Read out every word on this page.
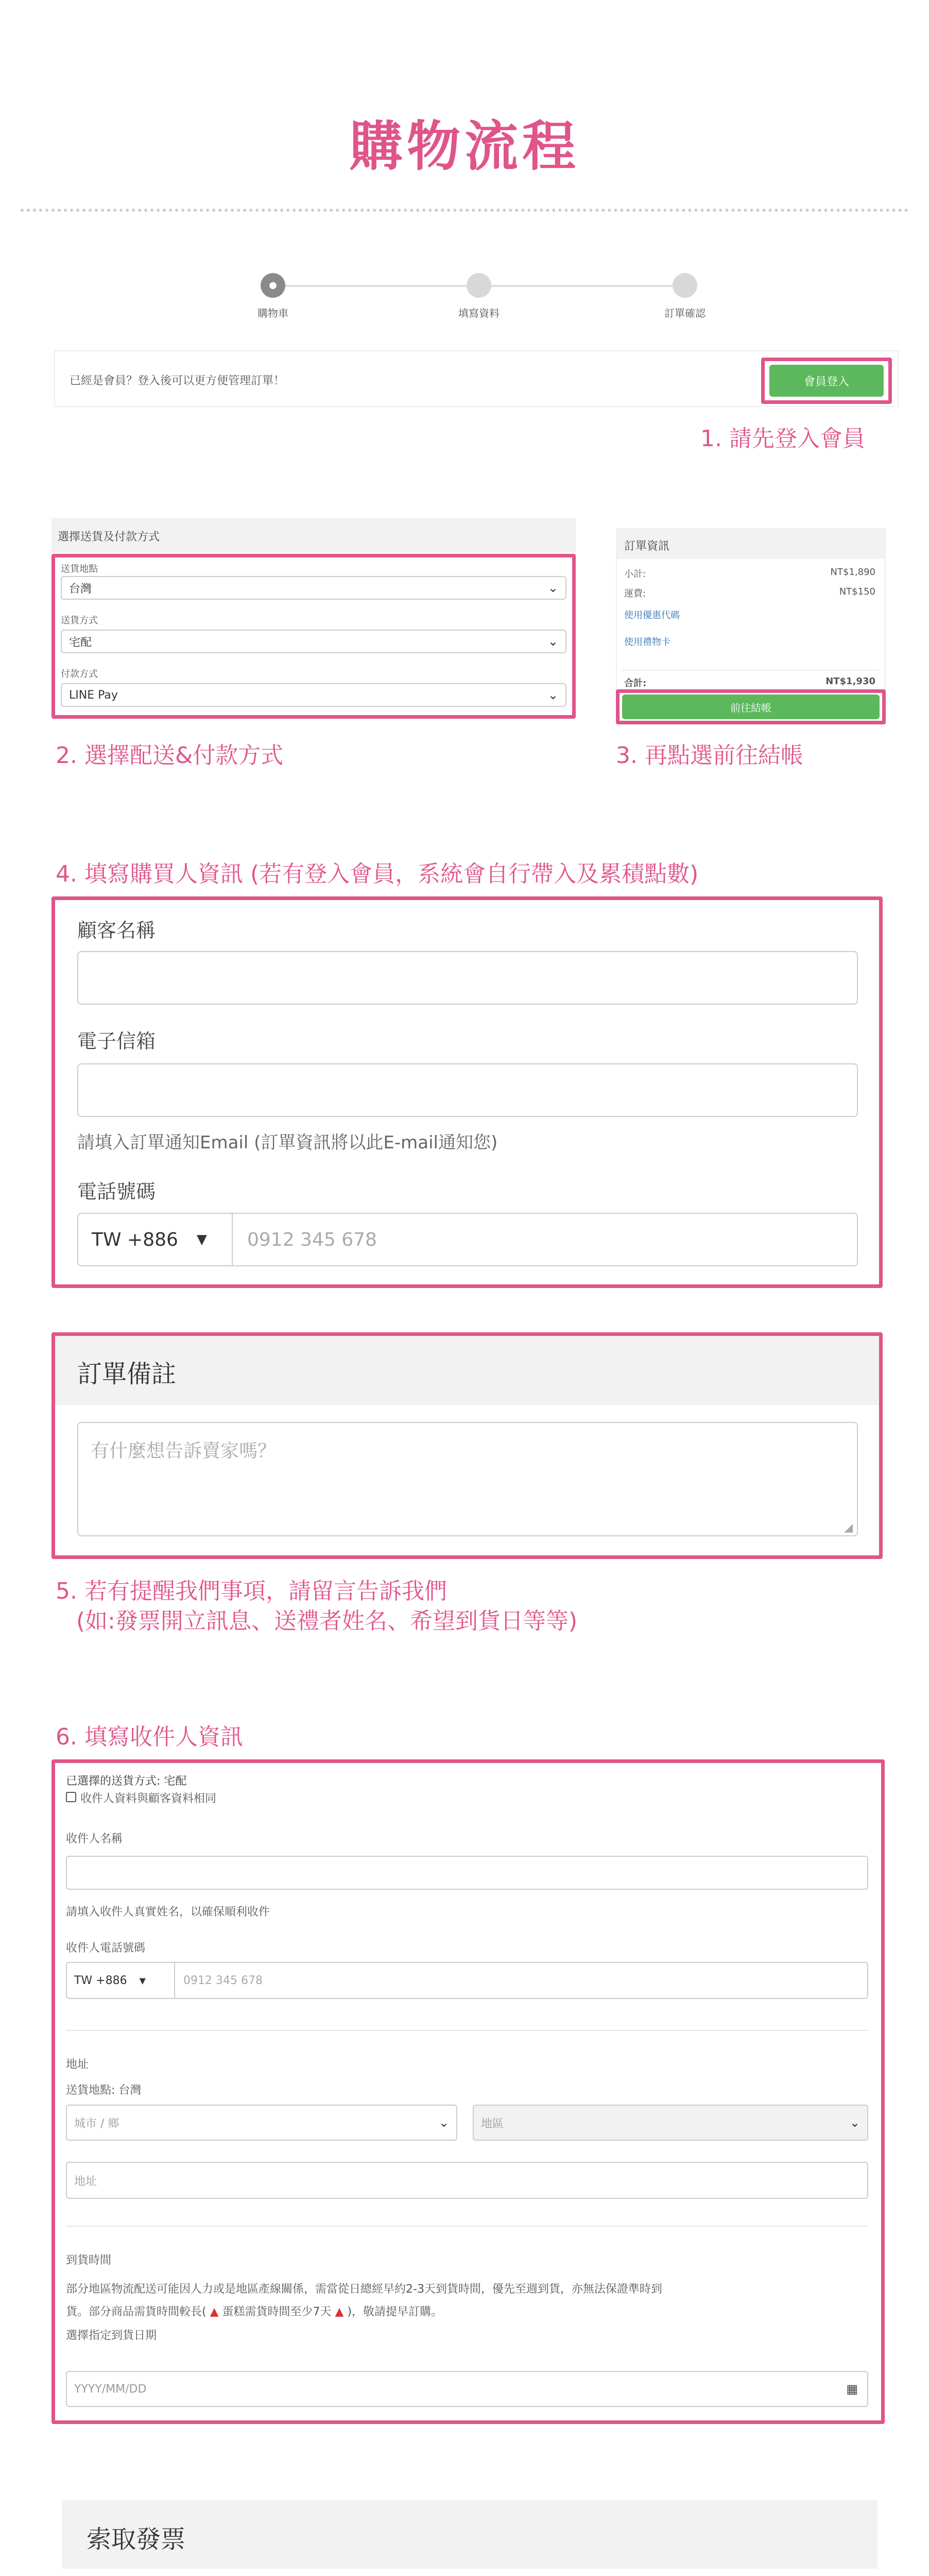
購物流程
●
購物車	填寫資料	訂單確認
已經是會員？登入後可以更方便管理訂單！	會員登入
1. 請先登入會員
選擇送貨及付款方式
送貨地點
台灣	⌄
送貨方式
宅配	⌄
付款方式
LINE Pay	⌄
訂單資訊
小計:	NT$1,890
運費:	NT$150
使用優惠代碼
使用禮物卡
合計:	NT$1,930
前往結帳
2. 選擇配送&付款方式	3. 再點選前往結帳
4. 填寫購買人資訊 (若有登入會員，系統會自行帶入及累積點數)
顧客名稱
電子信箱
請填入訂單通知Email (訂單資訊將以此E-mail通知您)
電話號碼
TW +886 ▼ 0912 345 678
訂單備註
有什麼想告訴賣家嗎？
◢
5. 若有提醒我們事項，請留言告訴我們
(如:發票開立訊息、送禮者姓名、希望到貨日等等)
6. 填寫收件人資訊
已選擇的送貨方式: 宅配
收件人資料與顧客資料相同
收件人名稱
請填入收件人真實姓名，以確保順利收件
收件人電話號碼
TW +886 ▼	0912 345 678
地址
送貨地點: 台灣
城市 / 鄉	⌄	地區	⌄
地址
到貨時間
部分地區物流配送可能因人力或是地區產線關係，需當從日總經早約2-3天到貨時間，優先至週到貨，亦無法保證準時到
貨。部分商品需貨時間較長( ▲ 蛋糕需貨時間至少7天 ▲ )，敬請提早訂購。
選擇指定到貨日期
YYYY/MM/DD	▦
索取發票
